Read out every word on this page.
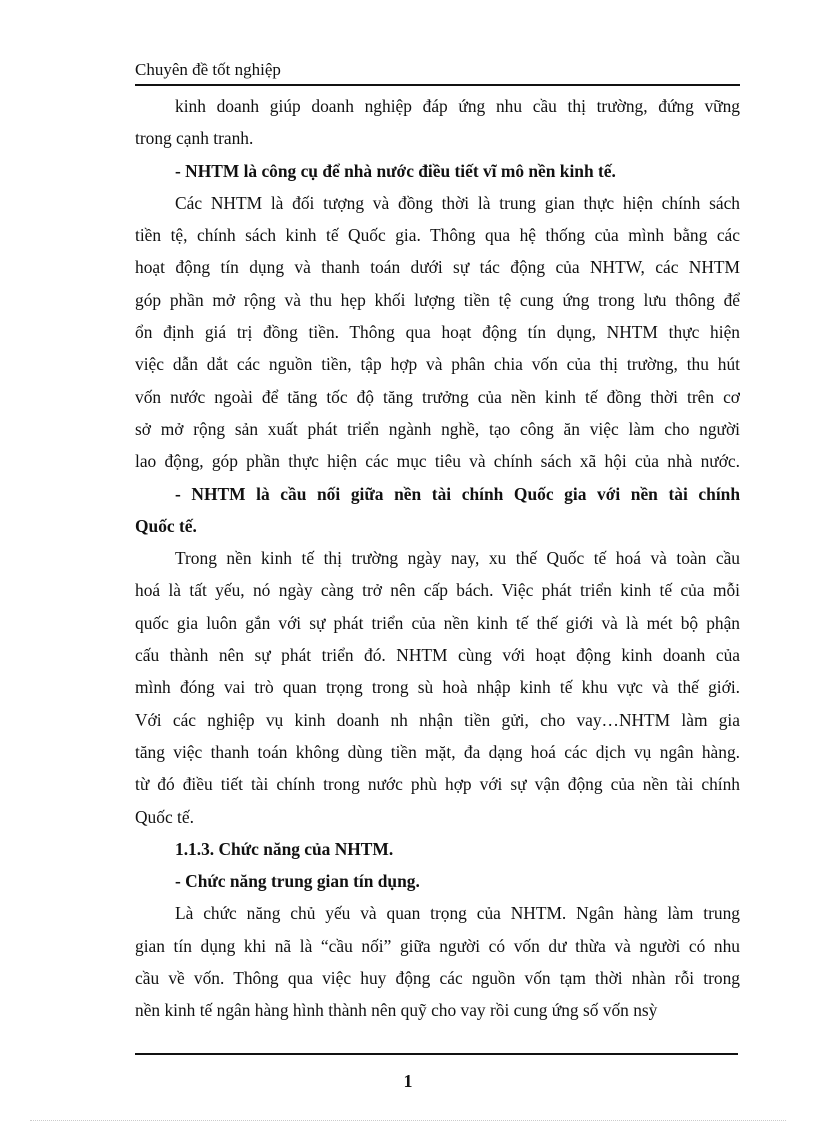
Chuyên đề tốt nghiệp
kinh doanh giúp doanh nghiệp đáp ứng nhu cầu thị trường, đứng vững
trong cạnh tranh.
- NHTM là công cụ để nhà nước điều tiết vĩ mô nền kinh tế.
Các NHTM là đối tượng và đồng thời là trung gian thực hiện chính sách
tiền tệ, chính sách kinh tế Quốc gia. Thông qua hệ thống của mình bằng các
hoạt động tín dụng và thanh toán dưới sự tác động của NHTW, các NHTM
góp phần mở rộng và thu hẹp khối lượng tiền tệ cung ứng trong lưu thông để
ổn định giá trị đồng tiền. Thông qua hoạt động tín dụng, NHTM thực hiện
việc dẫn dắt các nguồn tiền, tập hợp và phân chia vốn của thị trường, thu hút
vốn nước ngoài để tăng tốc độ tăng trưởng của nền kinh tế đồng thời trên cơ
sở mở rộng sản xuất phát triển ngành nghề, tạo công ăn việc làm cho người
lao động, góp phần thực hiện các mục tiêu và chính sách xã hội của nhà nước.
- NHTM là cầu nối giữa nền tài chính Quốc gia với nền tài chính
Quốc tế.
Trong nền kinh tế thị trường ngày nay, xu thế Quốc tế hoá và toàn cầu
hoá là tất yếu, nó ngày càng trở nên cấp bách. Việc phát triển kinh tế của mỗi
quốc gia luôn gắn với sự phát triển của nền kinh tế thế giới và là mét bộ phận
cấu thành nên sự phát triển đó. NHTM cùng với hoạt động kinh doanh của
mình đóng vai trò quan trọng trong sù hoà nhập kinh tế khu vực và thế giới.
Với các nghiệp vụ kinh doanh nh nhận tiền gửi, cho vay…NHTM làm gia
tăng việc thanh toán không dùng tiền mặt, đa dạng hoá các dịch vụ ngân hàng.
từ đó điều tiết tài chính trong nước phù hợp với sự vận động của nền tài chính
Quốc tế.
1.1.3. Chức năng của NHTM.
- Chức năng trung gian tín dụng.
Là chức năng chủ yếu và quan trọng của NHTM. Ngân hàng làm trung
gian tín dụng khi nã là “cầu nối” giữa người có vốn dư thừa và người có nhu
cầu về vốn. Thông qua việc huy động các nguồn vốn tạm thời nhàn rỗi trong
nền kinh tế ngân hàng hình thành nên quỹ cho vay rồi cung ứng số vốn nsỳ
1
